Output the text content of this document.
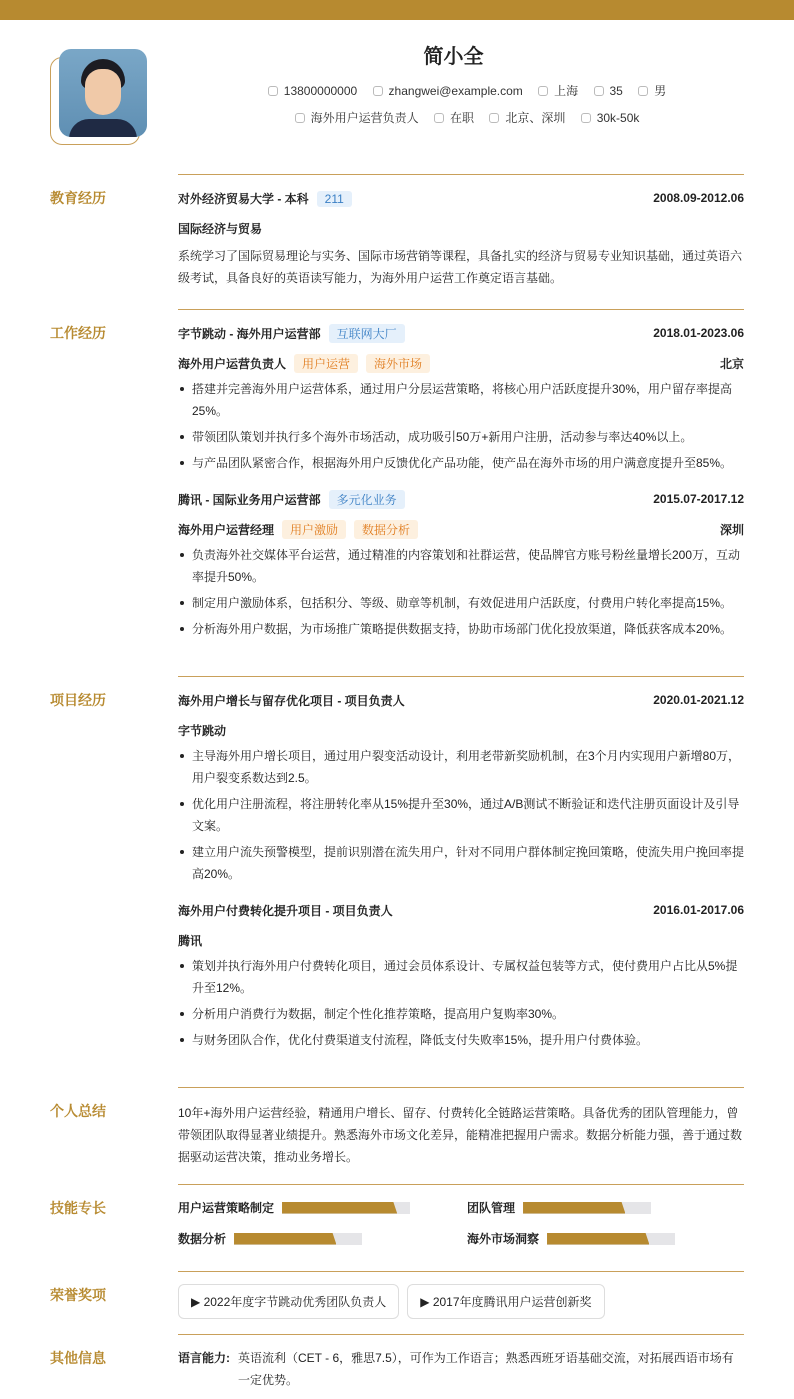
简小全
13800000000	zhangwei@example.com	上海	35	男
海外用户运营负责人	在职	北京、深圳	30k-50k
教育经历	对外经济贸易大学 - 本科 211	2008.09-2012.06
国际经济与贸易

系统学习了国际贸易理论与实务、国际市场营销等课程，具备扎实的经济与贸易专业知识基础，通过英语六级考试，具备良好的英语读写能力，为海外用户运营工作奠定语言基础。

工作经历	字节跳动 - 海外用户运营部 互联网大厂	2018.01-2023.06
海外用户运营负责人 用户运营 海外市场	北京
搭建并完善海外用户运营体系，通过用户分层运营策略，将核心用户活跃度提升30%，用户留存率提高25%。
带领团队策划并执行多个海外市场活动，成功吸引50万+新用户注册，活动参与率达40%以上。
与产品团队紧密合作，根据海外用户反馈优化产品功能，使产品在海外市场的用户满意度提升至85%。
腾讯 - 国际业务用户运营部 多元化业务	2015.07-2017.12
海外用户运营经理 用户激励 数据分析	深圳
负责海外社交媒体平台运营，通过精准的内容策划和社群运营，使品牌官方账号粉丝量增长200万，互动率提升50%。
制定用户激励体系，包括积分、等级、勋章等机制，有效促进用户活跃度，付费用户转化率提高15%。
分析海外用户数据，为市场推广策略提供数据支持，协助市场部门优化投放渠道，降低获客成本20%。
项目经历	海外用户增长与留存优化项目 - 项目负责人	2020.01-2021.12
字节跳动
主导海外用户增长项目，通过用户裂变活动设计，利用老带新奖励机制，在3个月内实现用户新增80万，用户裂变系数达到2.5。
优化用户注册流程，将注册转化率从15%提升至30%，通过A/B测试不断验证和迭代注册页面设计及引导文案。
建立用户流失预警模型，提前识别潜在流失用户，针对不同用户群体制定挽回策略，使流失用户挽回率提高20%。
海外用户付费转化提升项目 - 项目负责人	2016.01-2017.06
腾讯
策划并执行海外用户付费转化项目，通过会员体系设计、专属权益包装等方式，使付费用户占比从5%提升至12%。
分析用户消费行为数据，制定个性化推荐策略，提高用户复购率30%。
与财务团队合作，优化付费渠道支付流程，降低支付失败率15%，提升用户付费体验。
个人总结	10年+海外用户运营经验，精通用户增长、留存、付费转化全链路运营策略。具备优秀的团队管理能力，曾带领团队取得显著业绩提升。熟悉海外市场文化差异，能精准把握用户需求。数据分析能力强，善于通过数据驱动运营决策，推动业务增长。

技能专长	用户运营策略制定	团队管理
数据分析	海外市场洞察
荣誉奖项	▶ 2022年度字节跳动优秀团队负责人	▶ 2017年度腾讯用户运营创新奖
其他信息	语言能力: 英语流利（CET - 6，雅思7.5），可作为工作语言；熟悉西班牙语基础交流，对拓展西语市场有一定优势。
